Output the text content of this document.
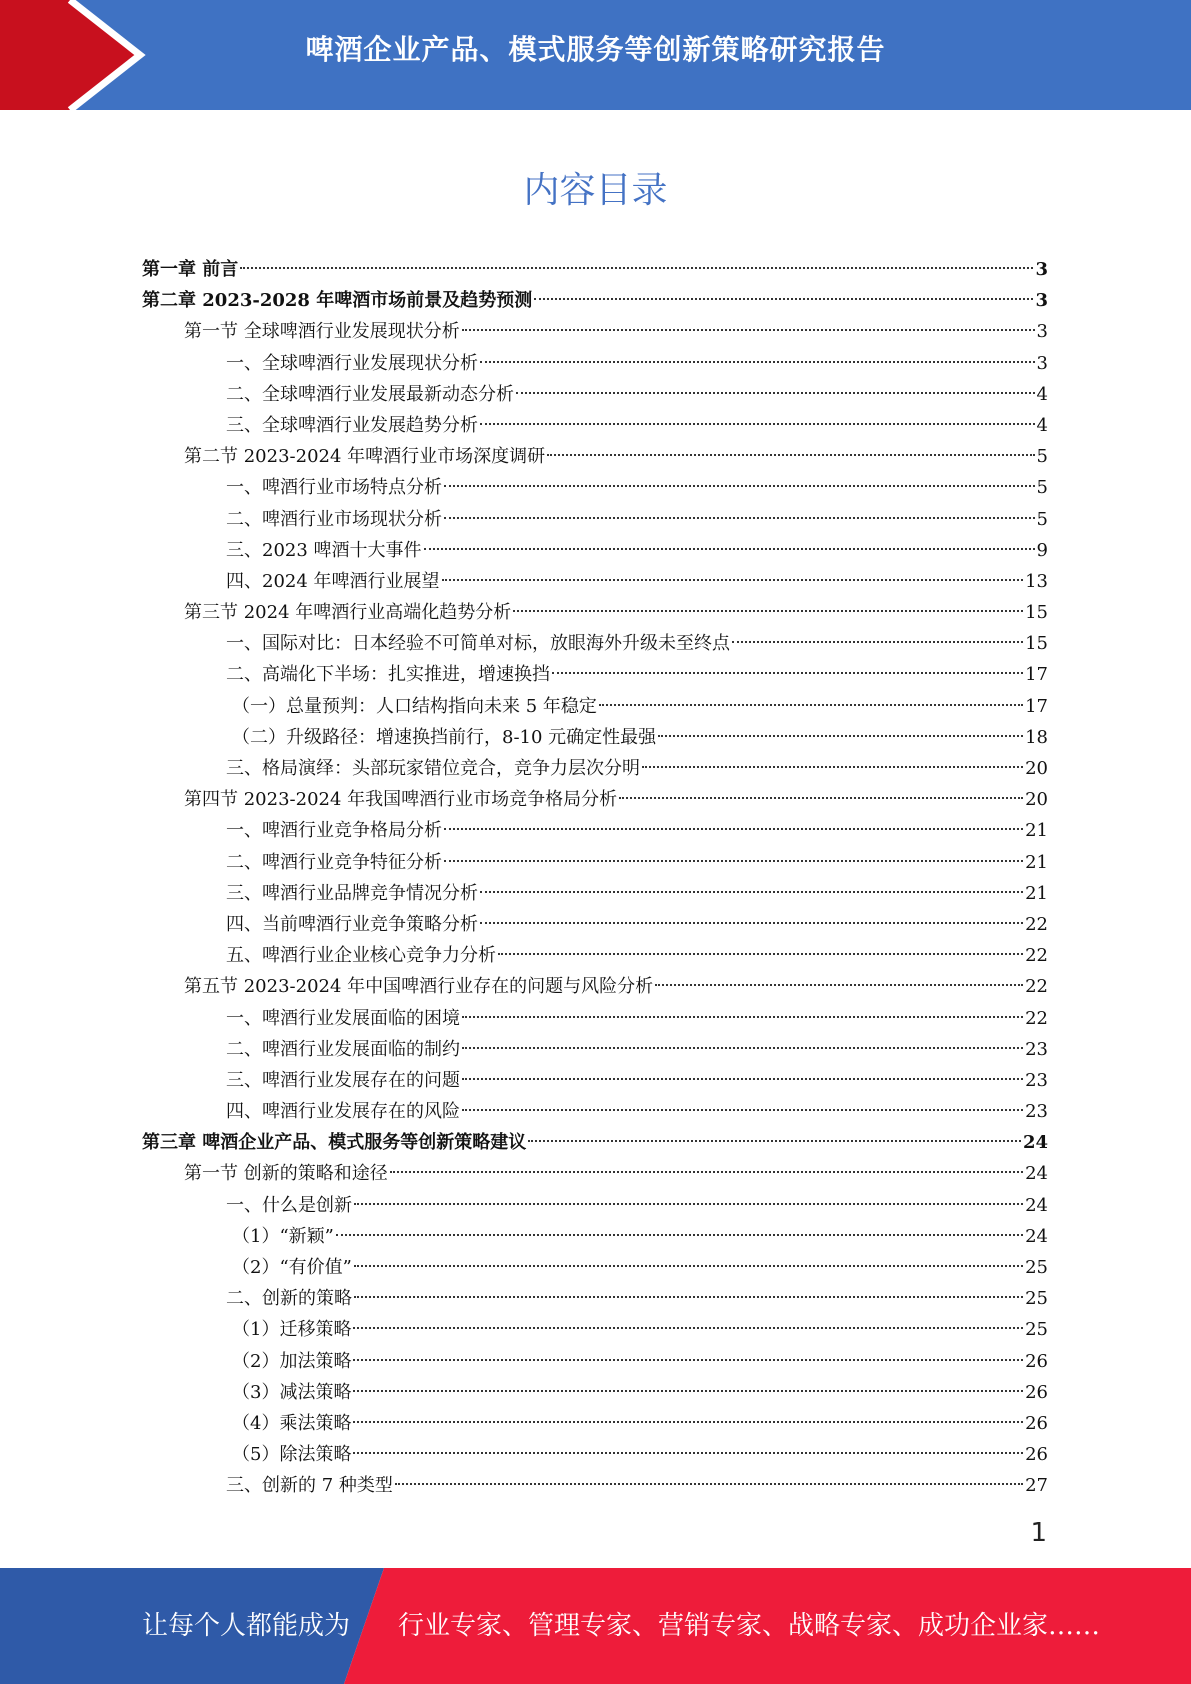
啤酒企业产品、模式服务等创新策略研究报告
内容目录
第一章 前言	3
第二章 2023-2028 年啤酒市场前景及趋势预测	3
第一节 全球啤酒行业发展现状分析	3
一、全球啤酒行业发展现状分析	3
二、全球啤酒行业发展最新动态分析	4
三、全球啤酒行业发展趋势分析	4
第二节 2023-2024 年啤酒行业市场深度调研	5
一、啤酒行业市场特点分析	5
二、啤酒行业市场现状分析	5
三、2023 啤酒十大事件	9
四、2024 年啤酒行业展望	13
第三节 2024 年啤酒行业高端化趋势分析	15
一、国际对比：日本经验不可简单对标，放眼海外升级未至终点	15
二、高端化下半场：扎实推进，增速换挡	17
（一）总量预判：人口结构指向未来 5 年稳定	17
（二）升级路径：增速换挡前行，8-10 元确定性最强	18
三、格局演绎：头部玩家错位竞合，竞争力层次分明	20
第四节 2023-2024 年我国啤酒行业市场竞争格局分析	20
一、啤酒行业竞争格局分析	21
二、啤酒行业竞争特征分析	21
三、啤酒行业品牌竞争情况分析	21
四、当前啤酒行业竞争策略分析	22
五、啤酒行业企业核心竞争力分析	22
第五节 2023-2024 年中国啤酒行业存在的问题与风险分析	22
一、啤酒行业发展面临的困境	22
二、啤酒行业发展面临的制约	23
三、啤酒行业发展存在的问题	23
四、啤酒行业发展存在的风险	23
第三章 啤酒企业产品、模式服务等创新策略建议	24
第一节 创新的策略和途径	24
一、什么是创新	24
（1）“新颖”	24
（2）“有价值”	25
二、创新的策略	25
（1）迁移策略	25
（2）加法策略	26
（3）减法策略	26
（4）乘法策略	26
（5）除法策略	26
三、创新的 7 种类型	27
1
让每个人都能成为 行业专家、管理专家、营销专家、战略专家、成功企业家……
